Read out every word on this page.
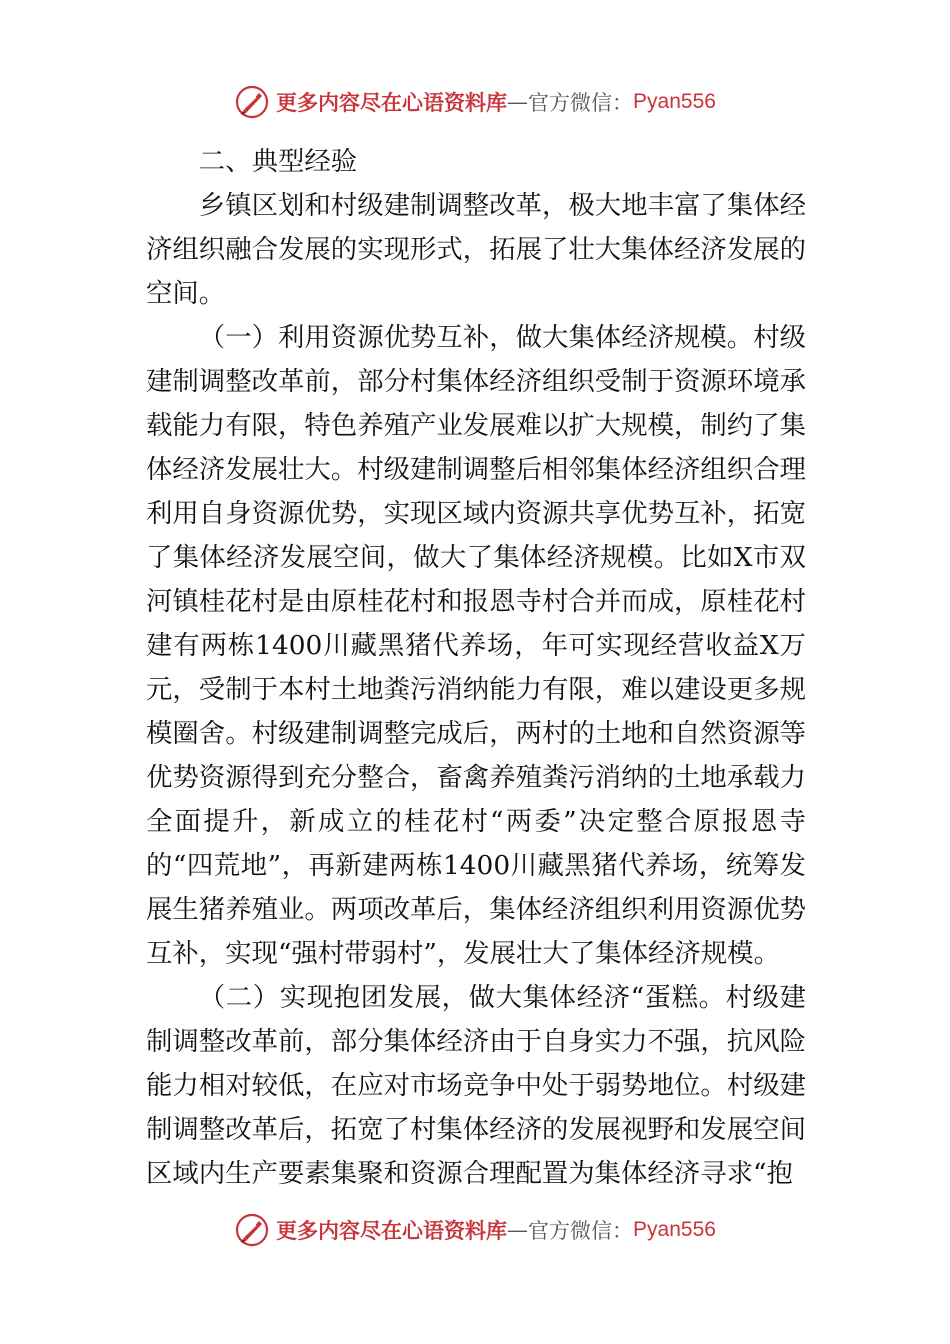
更多内容尽在心语资料库 — 官方微信： Pyan556

二、典型经验

乡镇区划和村级建制调整改革，极大地丰富了集体经济组织融合发展的实现形式，拓展了壮大集体经济发展的空间。

（一）利用资源优势互补，做大集体经济规模。村级建制调整改革前，部分村集体经济组织受制于资源环境承载能力有限，特色养殖产业发展难以扩大规模，制约了集体经济发展壮大。村级建制调整后相邻集体经济组织合理利用自身资源优势，实现区域内资源共享优势互补，拓宽了集体经济发展空间，做大了集体经济规模。比如X市双河镇桂花村是由原桂花村和报恩寺村合并而成，原桂花村建有两栋1400川藏黑猪代养场，年可实现经营收益X万元，受制于本村土地粪污消纳能力有限，难以建设更多规模圈舍。村级建制调整完成后，两村的土地和自然资源等优势资源得到充分整合，畜禽养殖粪污消纳的土地承载力全面提升，新成立的桂花村“两委”决定整合原报恩寺的“四荒地”，再新建两栋1400川藏黑猪代养场，统筹发展生猪养殖业。两项改革后，集体经济组织利用资源优势互补，实现“强村带弱村”，发展壮大了集体经济规模。

（二）实现抱团发展，做大集体经济“蛋糕。村级建制调整改革前，部分集体经济由于自身实力不强，抗风险能力相对较低，在应对市场竞争中处于弱势地位。村级建制调整改革后，拓宽了村集体经济的发展视野和发展空间区域内生产要素集聚和资源合理配置为集体经济寻求“抱

更多内容尽在心语资料库 — 官方微信： Pyan556
